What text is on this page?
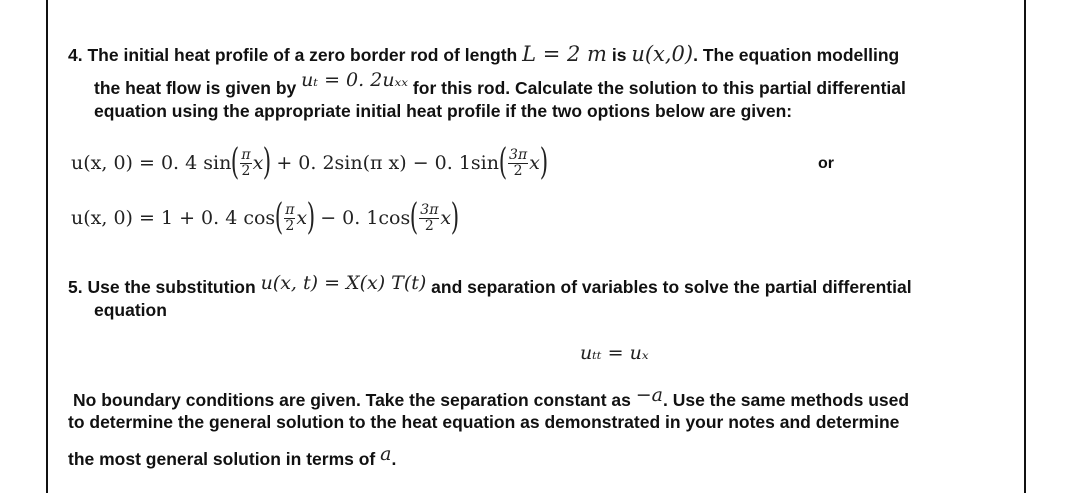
4. The initial heat profile of a zero border rod of length L = 2 m is u(x,0). The equation modelling
the heat flow is given by uₜ = 0. 2uₓₓ for this rod. Calculate the solution to this partial differential
equation using the appropriate initial heat profile if the two options below are given:
u(x, 0) = 0. 4 sin ( $\frac{\pi}{2}$ x ) + 0. 2sin(π x) − 0. 1sin ( $\frac{3\pi}{2}$ x )	or
u(x, 0) = 1 + 0. 4 cos ( $\frac{\pi}{2}$ x ) − 0. 1cos ( $\frac{3\pi}{2}$ x )
5. Use the substitution u(x, t) = X(x) T(t) and separation of variables to solve the partial differential
equation
uₜₜ = uₓ
No boundary conditions are given. Take the separation constant as −a. Use the same methods used
to determine the general solution to the heat equation as demonstrated in your notes and determine
the most general solution in terms of a.
